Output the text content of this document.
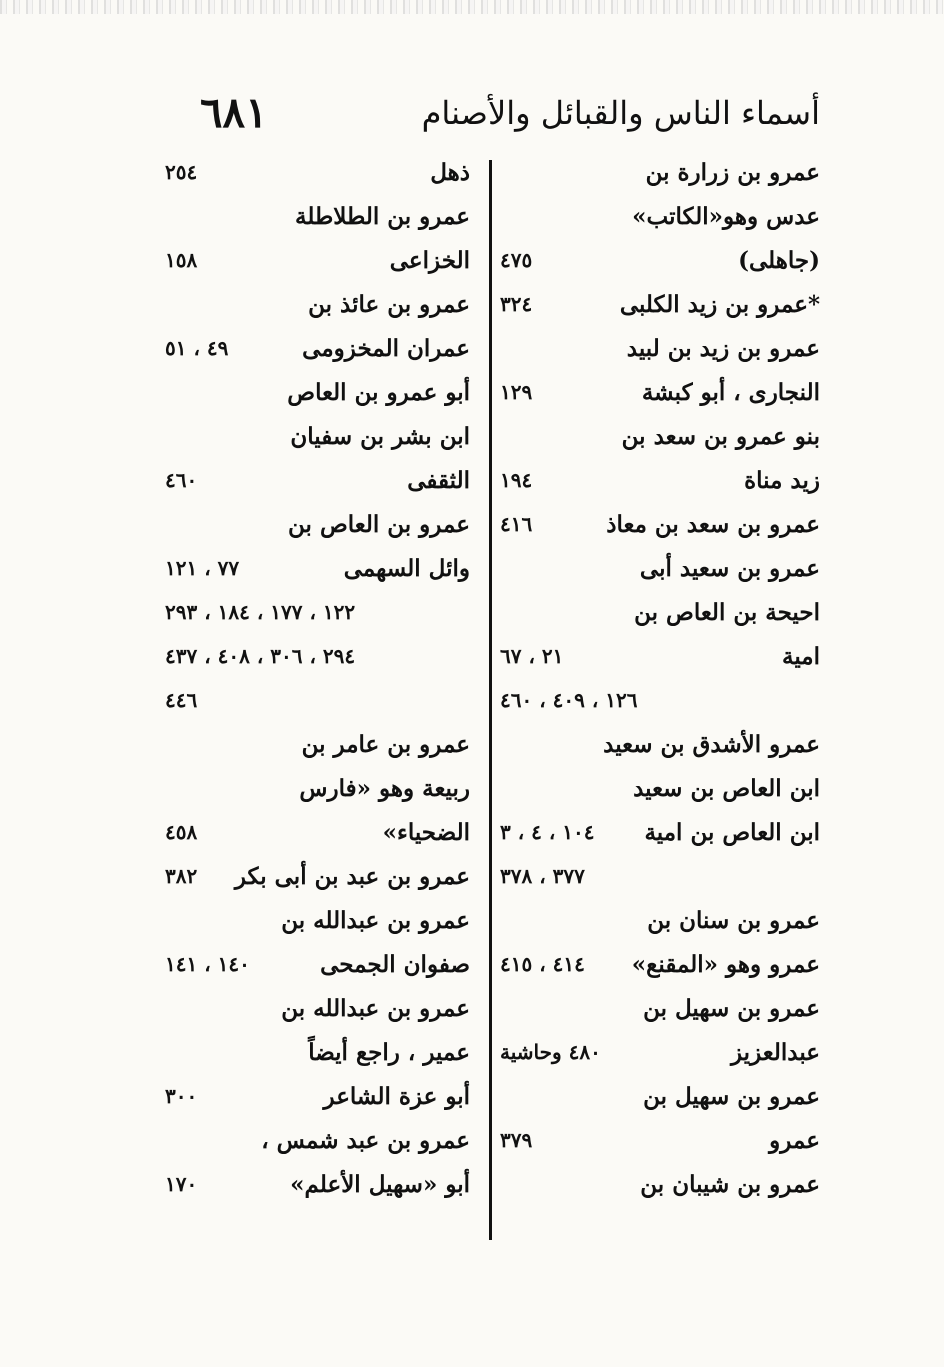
٦٨١	أسماء الناس والقبائل والأصنام
عمرو بن زرارة بن
عدس وهو«الكاتب»
(جاهلى)
٤٧٥
*عمرو بن زيد الكلبى
٣٢٤
عمرو بن زيد بن لبيد
النجارى ، أبو كبشة
١٢٩
بنو عمرو بن سعد بن
زيد مناة
١٩٤
عمرو بن سعد بن معاذ
٤١٦
عمرو بن سعيد أبى
احيحة بن العاص بن
امية
٢١ ، ٦٧
١٢٦ ، ٤٠٩ ، ٤٦٠
عمرو الأشدق بن سعيد
ابن العاص بن سعيد
ابن العاص بن امية
١٠٤ ، ٤ ، ٣
٣٧٧ ، ٣٧٨
عمرو بن سنان بن
عمرو وهو «المقنع»
٤١٤ ، ٤١٥
عمرو بن سهيل بن
عبدالعزيز
٤٨٠ وحاشية
عمرو بن سهيل بن
عمرو
٣٧٩
عمرو بن شيبان بن
ذهل
٢٥٤
عمرو بن الطلاطلة
الخزاعى
١٥٨
عمرو بن عائذ بن
عمران المخزومى
٤٩ ، ٥١
أبو عمرو بن العاص
ابن بشر بن سفيان
الثقفى
٤٦٠
عمرو بن العاص بن
وائل السهمى
٧٧ ، ١٢١
١٢٢ ، ١٧٧ ، ١٨٤ ، ٢٩٣
٢٩٤ ، ٣٠٦ ، ٤٠٨ ، ٤٣٧
٤٤٦
عمرو بن عامر بن
ربيعة وهو «فارس
الضحياء»
٤٥٨
عمرو بن عبد بن أبى بكر
٣٨٢
عمرو بن عبدالله بن
صفوان الجمحى
١٤٠ ، ١٤١
عمرو بن عبدالله بن
عمير ، راجع أيضاً
أبو عزة الشاعر
٣٠٠
عمرو بن عبد شمس ،
أبو «سهيل الأعلم»
١٧٠
